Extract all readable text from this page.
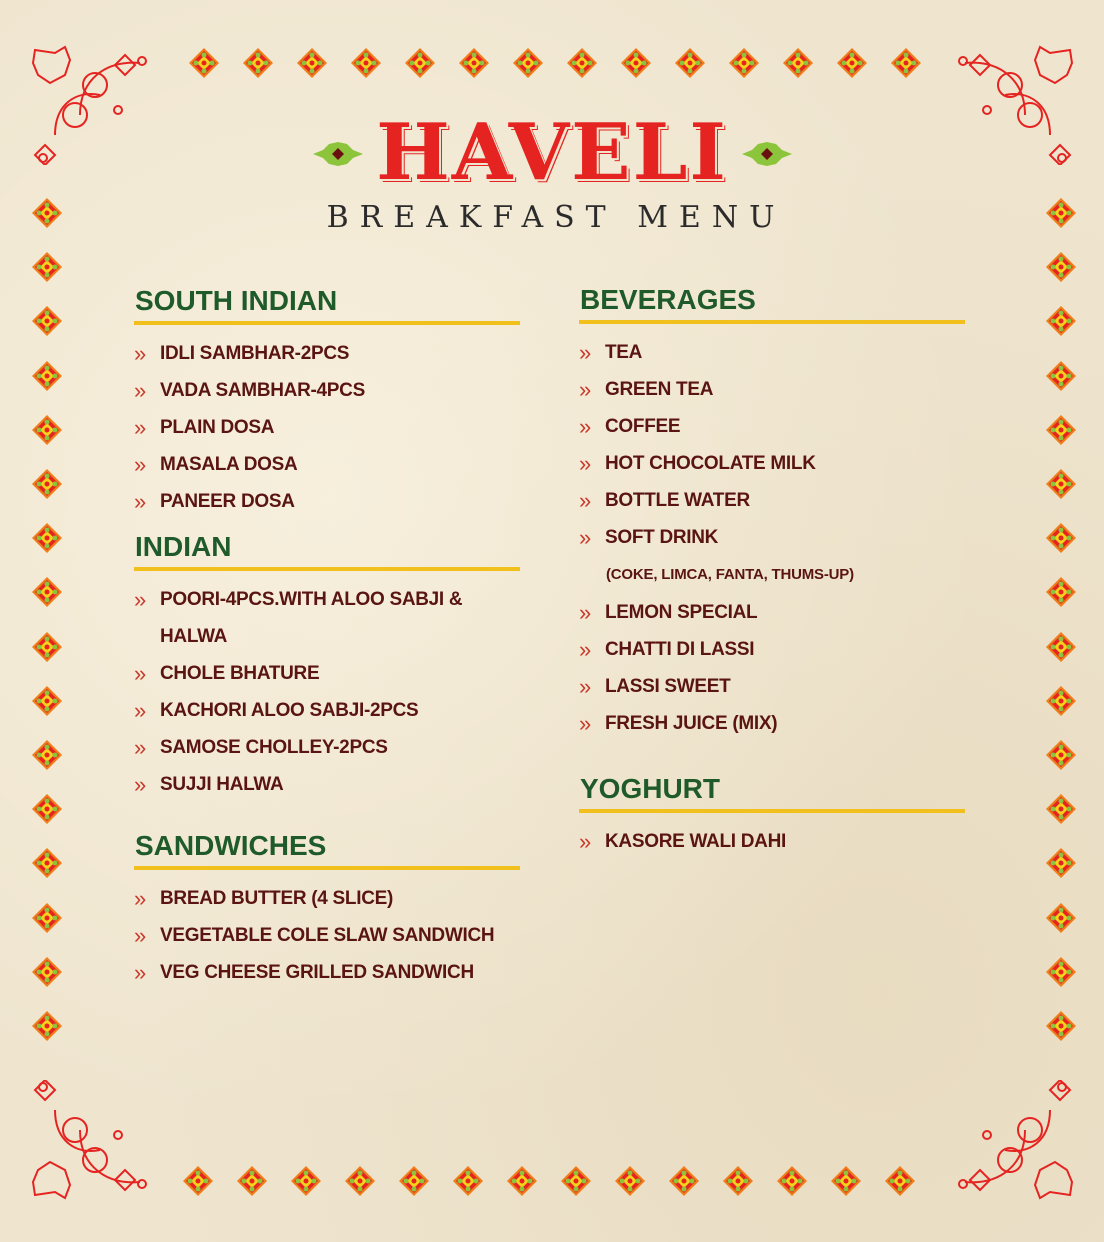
HAVELI
BREAKFAST MENU
SOUTH INDIAN
» IDLI SAMBHAR-2PCS
» VADA SAMBHAR-4PCS
» PLAIN DOSA
» MASALA DOSA
» PANEER DOSA
INDIAN
» POORI-4PCS.WITH ALOO SABJI & HALWA
» CHOLE BHATURE
» KACHORI ALOO SABJI-2PCS
» SAMOSE CHOLLEY-2PCS
» SUJJI HALWA
SANDWICHES
» BREAD BUTTER (4 SLICE)
» VEGETABLE COLE SLAW SANDWICH
» VEG CHEESE GRILLED SANDWICH
BEVERAGES
» TEA
» GREEN TEA
» COFFEE
» HOT CHOCOLATE MILK
» BOTTLE WATER
» SOFT DRINK
(COKE, LIMCA, FANTA, THUMS-UP)
» LEMON SPECIAL
» CHATTI DI LASSI
» LASSI SWEET
» FRESH JUICE (MIX)
YOGHURT
» KASORE WALI DAHI
